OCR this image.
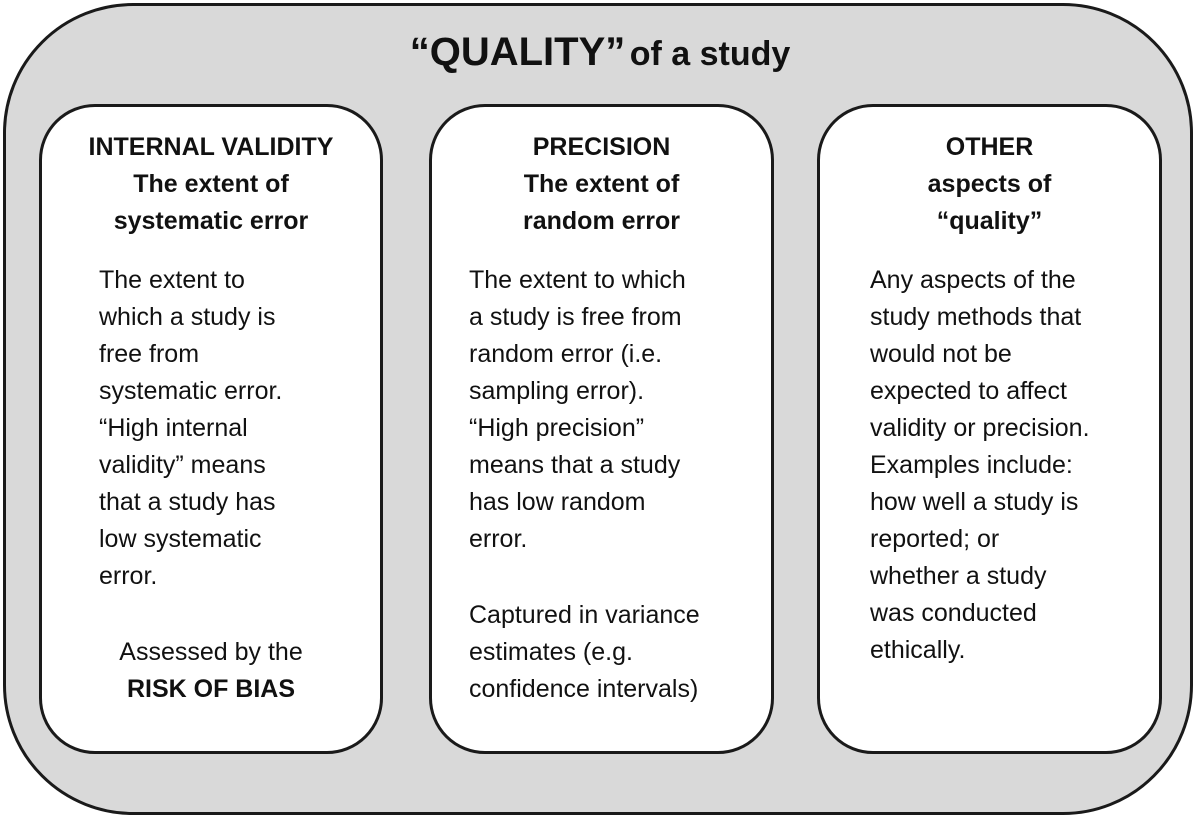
“QUALITY” of a study
INTERNAL VALIDITY
The extent of
systematic error
The extent to
which a study is
free from
systematic error.
“High internal
validity” means
that a study has
low systematic
error.
Assessed by the
RISK OF BIAS
PRECISION
The extent of
random error
The extent to which
a study is free from
random error (i.e.
sampling error).
“High precision”
means that a study
has low random
error.
Captured in variance
estimates (e.g.
confidence intervals)
OTHER
aspects of
“quality”
Any aspects of the
study methods that
would not be
expected to affect
validity or precision.
Examples include:
how well a study is
reported; or
whether a study
was conducted
ethically.
